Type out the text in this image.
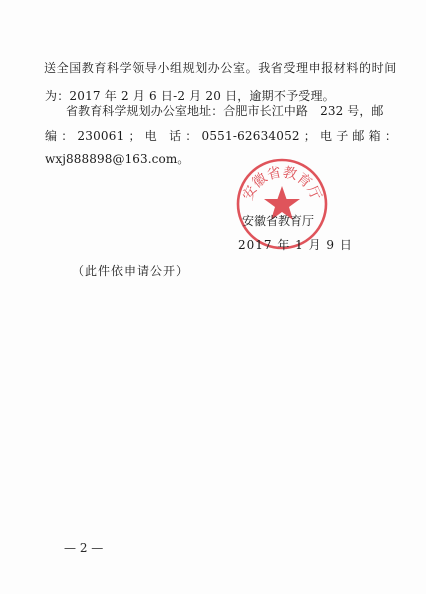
送全国教育科学领导小组规划办公室。我省受理申报材料的时间
为：2017 年 2 月 6 日-2 月 20 日，逾期不予受理。
省教育科学规划办公室地址：合肥市长江中路　232 号，邮
编 ： 230061 ； 电　话 ： 0551-62634052 ； 电 子 邮 箱 ：
wxj888898@163.com。
安徽省教育厅
安徽省教育厅
2017 年 1 月 9 日
（此件依申请公开）
— 2 —
